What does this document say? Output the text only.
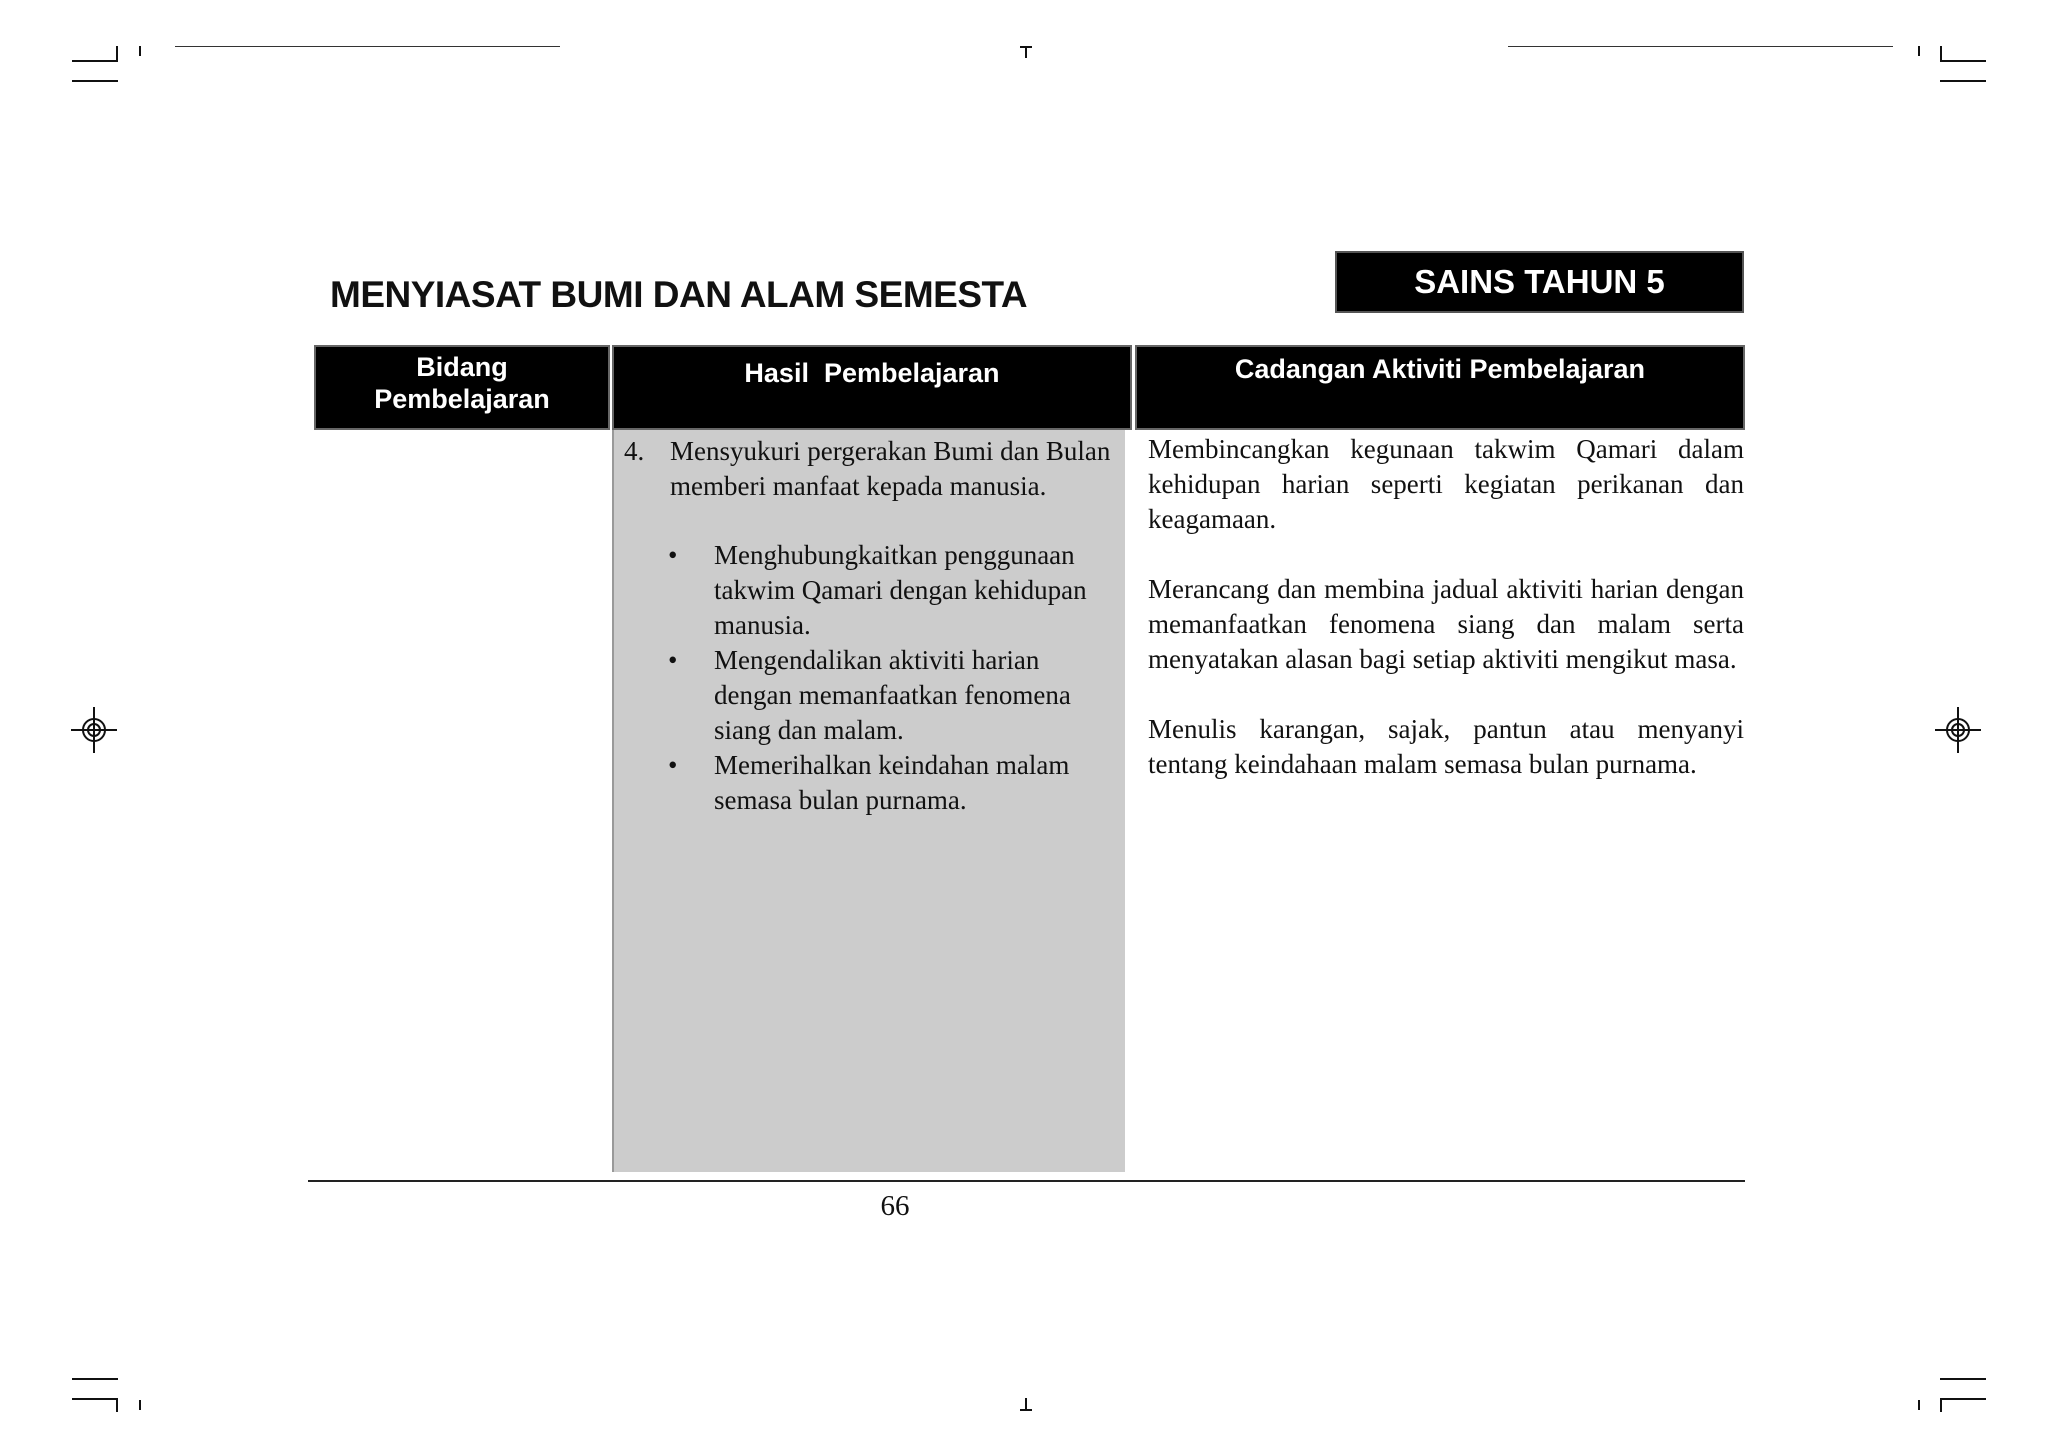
MENYIASAT BUMI DAN ALAM SEMESTA	SAINS TAHUN 5
Bidang
Pembelajaran
Hasil  Pembelajaran	Cadangan Aktiviti Pembelajaran
4. Mensyukuri pergerakan Bumi dan Bulan memberi manfaat kepada manusia.
• Menghubungkaitkan penggunaan takwim Qamari dengan kehidupan manusia.
• Mengendalikan aktiviti harian dengan memanfaatkan fenomena siang dan malam.
• Memerihalkan keindahan malam semasa bulan purnama.

Membincangkan kegunaan takwim Qamari dalam kehidupan harian seperti kegiatan perikanan dan keagamaan.

Merancang dan membina jadual aktiviti harian dengan memanfaatkan fenomena siang dan malam serta menyatakan alasan bagi setiap aktiviti mengikut masa.

Menulis karangan, sajak, pantun atau menyanyi tentang keindahaan malam semasa bulan purnama.

66
